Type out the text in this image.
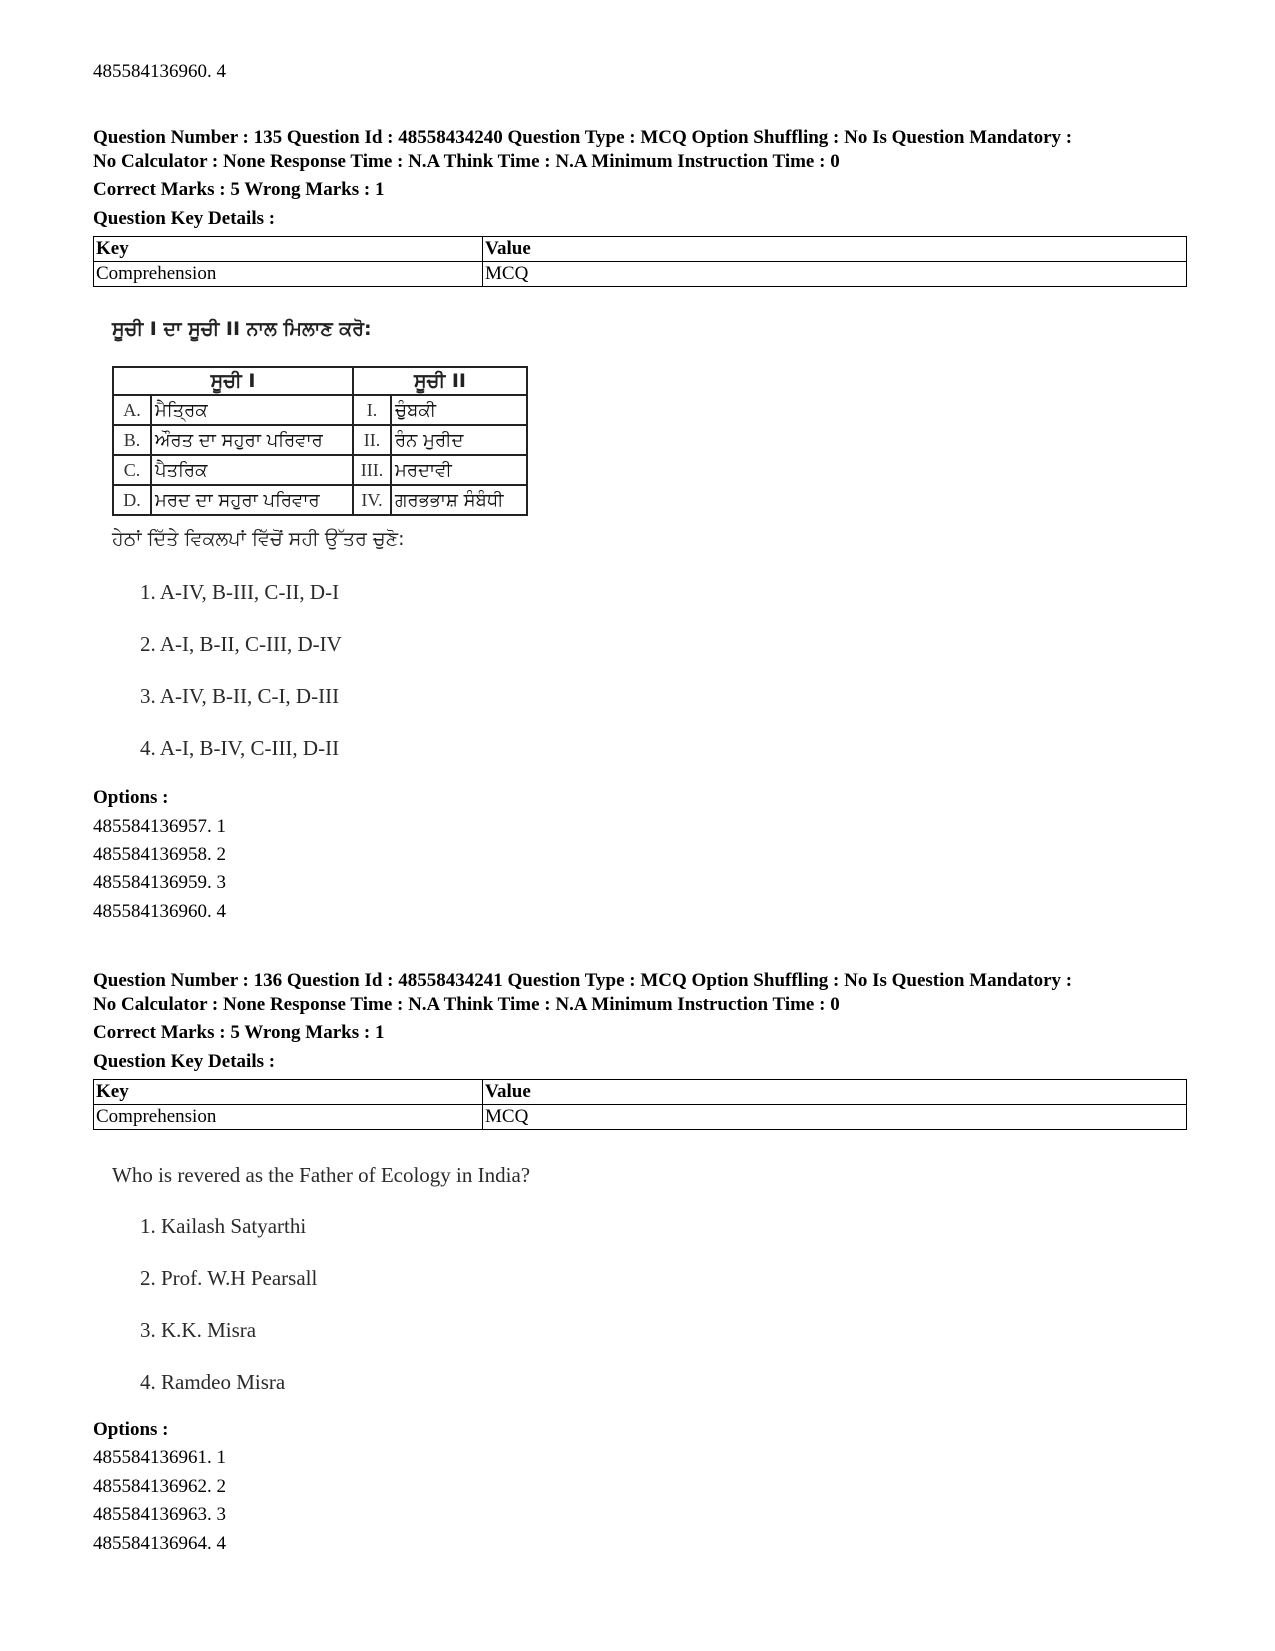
485584136960. 4
Question Number : 135 Question Id : 48558434240 Question Type : MCQ Option Shuffling : No Is Question Mandatory :
No Calculator : None Response Time : N.A Think Time : N.A Minimum Instruction Time : 0
Correct Marks : 5 Wrong Marks : 1
Question Key Details :
Key	Value
Comprehension	MCQ
ਸੂਚੀ I ਦਾ ਸੂਚੀ II ਨਾਲ ਮਿਲਾਣ ਕਰੋ:
ਸੂਚੀ I		ਸੂਚੀ II	
A.	ਮੈਤ੍ਰਿਕ	I.	ਚੁੰਬਕੀ
B.	ਔਰਤ ਦਾ ਸਹੁਰਾ ਪਰਿਵਾਰ	II.	ਰੰਨ ਮੁਰੀਦ
C.	ਪੈਤਰਿਕ	III.	ਮਰਦਾਵੀ
D.	ਮਰਦ ਦਾ ਸਹੁਰਾ ਪਰਿਵਾਰ	IV.	ਗਰਭਭਾਸ਼ ਸੰਬੰਧੀ
ਹੇਠਾਂ ਦਿੱਤੇ ਵਿਕਲਪਾਂ ਵਿੱਚੋਂ ਸਹੀ ਉੱਤਰ ਚੁਣੋ:
1. A-IV, B-III, C-II, D-I
2. A-I, B-II, C-III, D-IV
3. A-IV, B-II, C-I, D-III
4. A-I, B-IV, C-III, D-II
Options :
485584136957. 1
485584136958. 2
485584136959. 3
485584136960. 4
Question Number : 136 Question Id : 48558434241 Question Type : MCQ Option Shuffling : No Is Question Mandatory :
No Calculator : None Response Time : N.A Think Time : N.A Minimum Instruction Time : 0
Correct Marks : 5 Wrong Marks : 1
Question Key Details :
Key	Value
Comprehension	MCQ
Who is revered as the Father of Ecology in India?
1. Kailash Satyarthi
2. Prof. W.H Pearsall
3. K.K. Misra
4. Ramdeo Misra
Options :
485584136961. 1
485584136962. 2
485584136963. 3
485584136964. 4
